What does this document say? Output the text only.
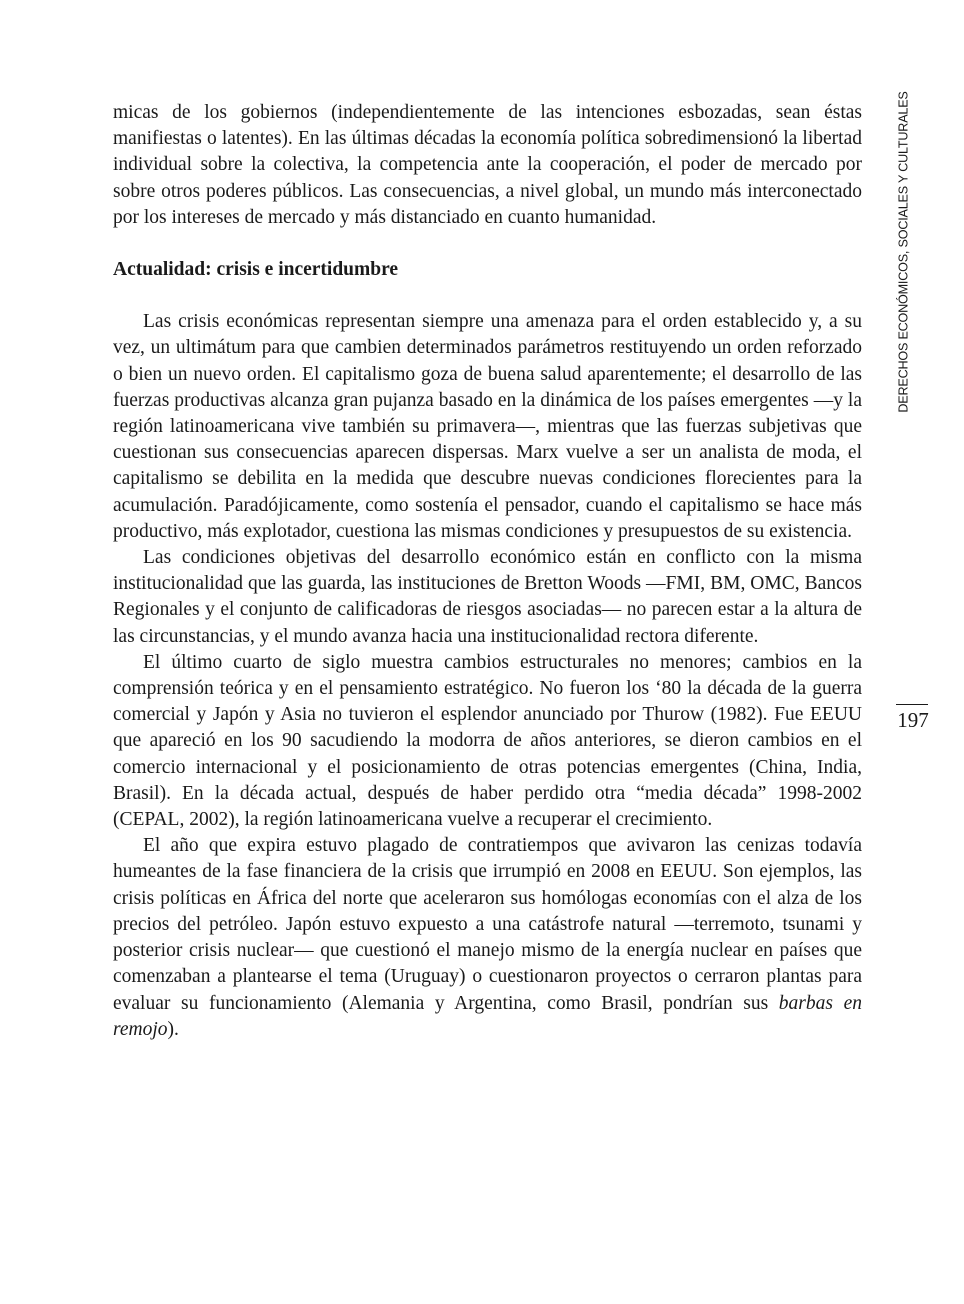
micas de los gobiernos (independientemente de las intenciones esbozadas, sean éstas manifiestas o latentes). En las últimas décadas la economía política sobredimensionó la libertad individual sobre la colectiva, la competencia ante la cooperación, el poder de mercado por sobre otros poderes públicos. Las consecuencias, a nivel global, un mundo más interconectado por los intereses de mercado y más distanciado en cuanto humanidad.

Actualidad: crisis e incertidumbre

Las crisis económicas representan siempre una amenaza para el orden establecido y, a su vez, un ultimátum para que cambien determinados parámetros restituyendo un orden reforzado o bien un nuevo orden. El capitalismo goza de buena salud aparentemente; el desarrollo de las fuerzas productivas alcanza gran pujanza basado en la dinámica de los países emergentes —y la región latinoamericana vive también su primavera—, mientras que las fuerzas subjetivas que cuestionan sus consecuencias aparecen dispersas. Marx vuelve a ser un analista de moda, el capitalismo se debilita en la medida que descubre nuevas condiciones florecientes para la acumulación. Paradójicamente, como sostenía el pensador, cuando el capitalismo se hace más productivo, más explotador, cuestiona las mismas condiciones y presupuestos de su existencia.

Las condiciones objetivas del desarrollo económico están en conflicto con la misma institucionalidad que las guarda, las instituciones de Bretton Woods —FMI, BM, OMC, Bancos Regionales y el conjunto de calificadoras de riesgos asociadas— no parecen estar a la altura de las circunstancias, y el mundo avanza hacia una institucionalidad rectora diferente.

El último cuarto de siglo muestra cambios estructurales no menores; cambios en la comprensión teórica y en el pensamiento estratégico. No fueron los ‘80 la década de la guerra comercial y Japón y Asia no tuvieron el esplendor anunciado por Thurow (1982). Fue EEUU que apareció en los 90 sacudiendo la modorra de años anteriores, se dieron cambios en el comercio internacional y el posicionamiento de otras potencias emergentes (China, India, Brasil). En la década actual, después de haber perdido otra “media década” 1998-2002 (CEPAL, 2002), la región latinoamericana vuelve a recuperar el crecimiento.

El año que expira estuvo plagado de contratiempos que avivaron las cenizas todavía humeantes de la fase financiera de la crisis que irrumpió en 2008 en EEUU. Son ejemplos, las crisis políticas en África del norte que aceleraron sus homólogas economías con el alza de los precios del petróleo. Japón estuvo expuesto a una catástrofe natural —terremoto, tsunami y posterior crisis nuclear— que cuestionó el manejo mismo de la energía nuclear en países que comenzaban a plantearse el tema (Uruguay) o cuestionaron proyectos o cerraron plantas para evaluar su funcionamiento (Alemania y Argentina, como Brasil, pondrían sus barbas en remojo).

DERECHOS ECONÓMICOS, SOCIALES Y CULTURALES
197
